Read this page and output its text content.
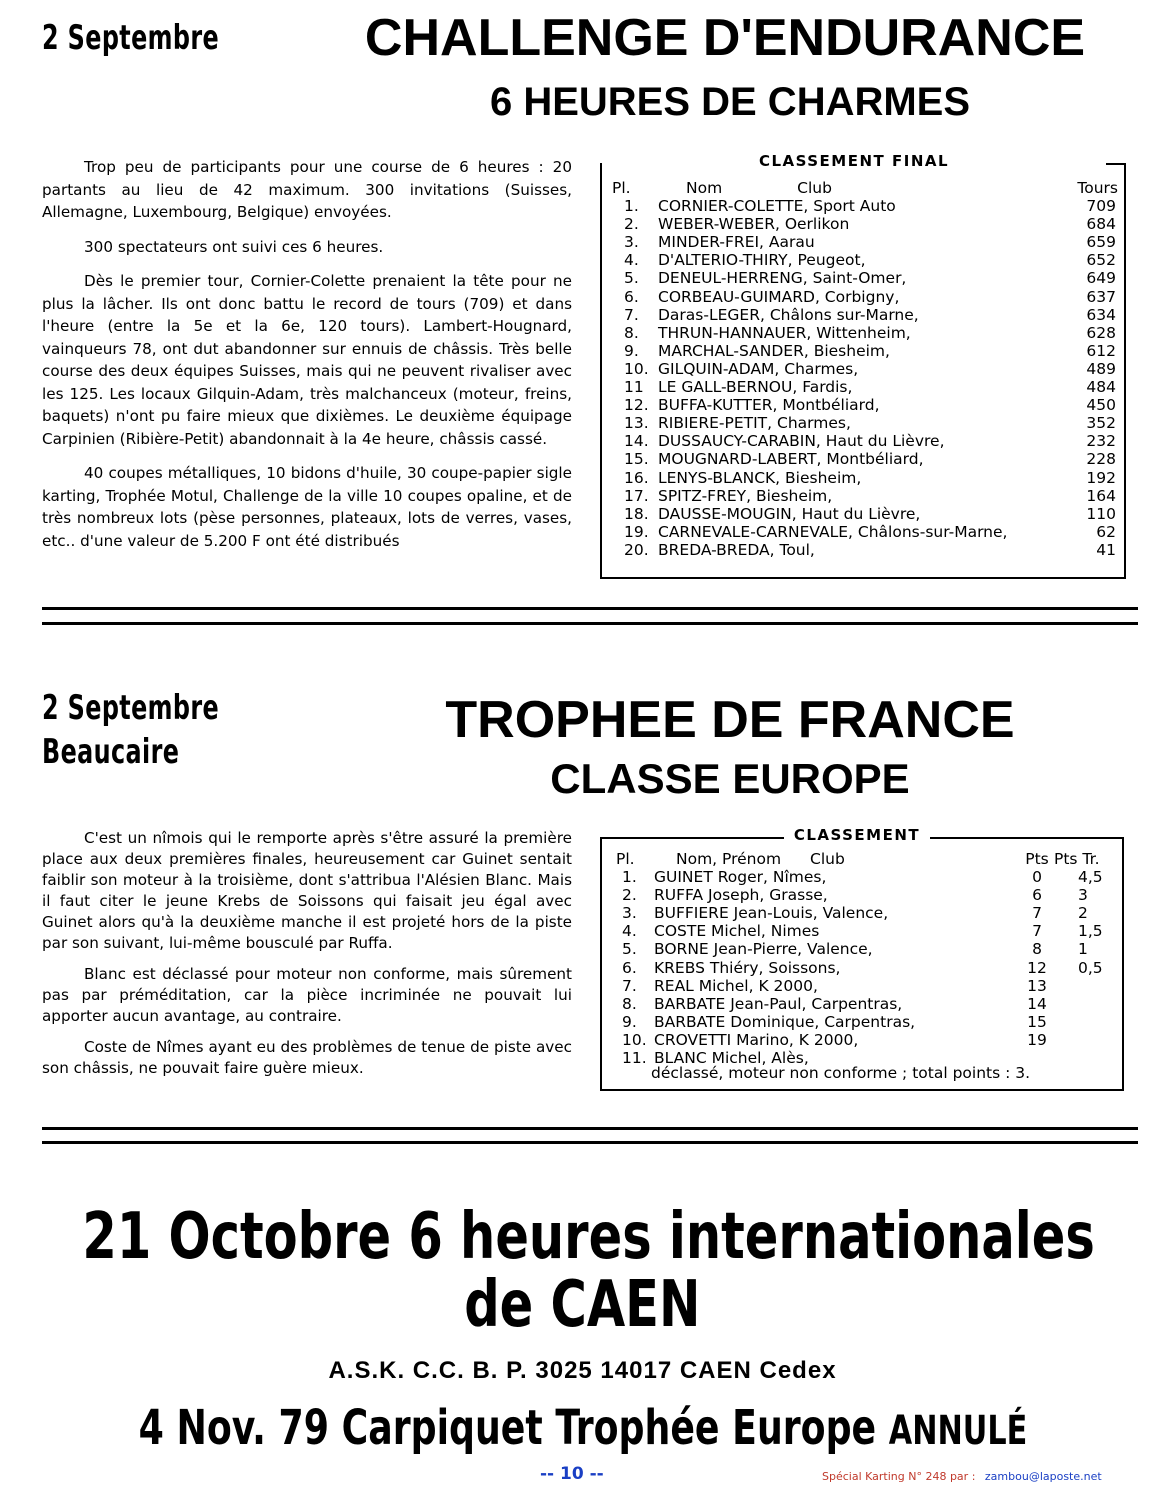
2 Septembre	CHALLENGE D'ENDURANCE
6 HEURES DE CHARMES

Trop peu de participants pour une course de 6 heures : 20 partants au lieu de 42 maximum. 300 invitations (Suisses, Allemagne, Luxembourg, Belgique) envoyées.

300 spectateurs ont suivi ces 6 heures.

Dès le premier tour, Cornier-Colette prenaient la tête pour ne plus la lâcher. Ils ont donc battu le record de tours (709) et dans l'heure (entre la 5e et la 6e, 120 tours). Lambert-Hougnard, vainqueurs 78, ont dut abandonner sur ennuis de châssis. Très belle course des deux équipes Suisses, mais qui ne peuvent rivaliser avec les 125. Les locaux Gilquin-Adam, très malchanceux (moteur, freins, baquets) n'ont pu faire mieux que dixièmes. Le deuxième équipage Carpinien (Ribière-Petit) abandonnait à la 4e heure, châssis cassé.

40 coupes métalliques, 10 bidons d'huile, 30 coupe-papier sigle karting, Trophée Motul, Challenge de la ville 10 coupes opaline, et de très nombreux lots (pèse personnes, plateaux, lots de verres, vases, etc.. d'une valeur de 5.200 F ont été distribués

CLASSEMENT FINAL
Pl.	Nom Club	Tours
1.	CORNIER-COLETTE, Sport Auto	709
2.	WEBER-WEBER, Oerlikon	684
3.	MINDER-FREI, Aarau	659
4.	D'ALTERIO-THIRY, Peugeot,	652
5.	DENEUL-HERRENG, Saint-Omer,	649
6.	CORBEAU-GUIMARD, Corbigny,	637
7.	Daras-LEGER, Châlons sur-Marne,	634
8.	THRUN-HANNAUER, Wittenheim,	628
9.	MARCHAL-SANDER, Biesheim,	612
10.	GILQUIN-ADAM, Charmes,	489
11	LE GALL-BERNOU, Fardis,	484
12.	BUFFA-KUTTER, Montbéliard,	450
13.	RIBIERE-PETIT, Charmes,	352
14.	DUSSAUCY-CARABIN, Haut du Lièvre,	232
15.	MOUGNARD-LABERT, Montbéliard,	228
16.	LENYS-BLANCK, Biesheim,	192
17.	SPITZ-FREY, Biesheim,	164
18.	DAUSSE-MOUGIN, Haut du Lièvre,	110
19.	CARNEVALE-CARNEVALE, Châlons-sur-Marne,	62
20.	BREDA-BREDA, Toul,	41
2 Septembre
Beaucaire
TROPHEE DE FRANCE
CLASSE EUROPE

C'est un nîmois qui le remporte après s'être assuré la première place aux deux premières finales, heureusement car Guinet sentait faiblir son moteur à la troisième, dont s'attribua l'Alésien Blanc. Mais il faut citer le jeune Krebs de Soissons qui faisait jeu égal avec Guinet alors qu'à la deuxième manche il est projeté hors de la piste par son suivant, lui-même bousculé par Ruffa.

Blanc est déclassé pour moteur non conforme, mais sûrement pas par préméditation, car la pièce incriminée ne pouvait lui apporter aucun avantage, au contraire.

Coste de Nîmes ayant eu des problèmes de tenue de piste avec son châssis, ne pouvait faire guère mieux.

CLASSEMENT
Pl.	Nom, Prénom Club	Pts	Pts Tr.
1.	GUINET Roger, Nîmes,	0	4,5
2.	RUFFA Joseph, Grasse,	6	3
3.	BUFFIERE Jean-Louis, Valence,	7	2
4.	COSTE Michel, Nimes	7	1,5
5.	BORNE Jean-Pierre, Valence,	8	1
6.	KREBS Thiéry, Soissons,	12	0,5
7.	REAL Michel, K 2000,	13	
8.	BARBATE Jean-Paul, Carpentras,	14	
9.	BARBATE Dominique, Carpentras,	15	
10.	CROVETTI Marino, K 2000,	19	
11.	BLANC Michel, Alès,		
déclassé, moteur non conforme ; total points : 3.
21 Octobre 6 heures internationales
de CAEN
A.S.K. C.C. B. P. 3025 14017 CAEN Cedex
4 Nov. 79 Carpiquet Trophée Europe ANNULÉ
-- 10 --	Spécial Karting N° 248 par : zambou@laposte.net
